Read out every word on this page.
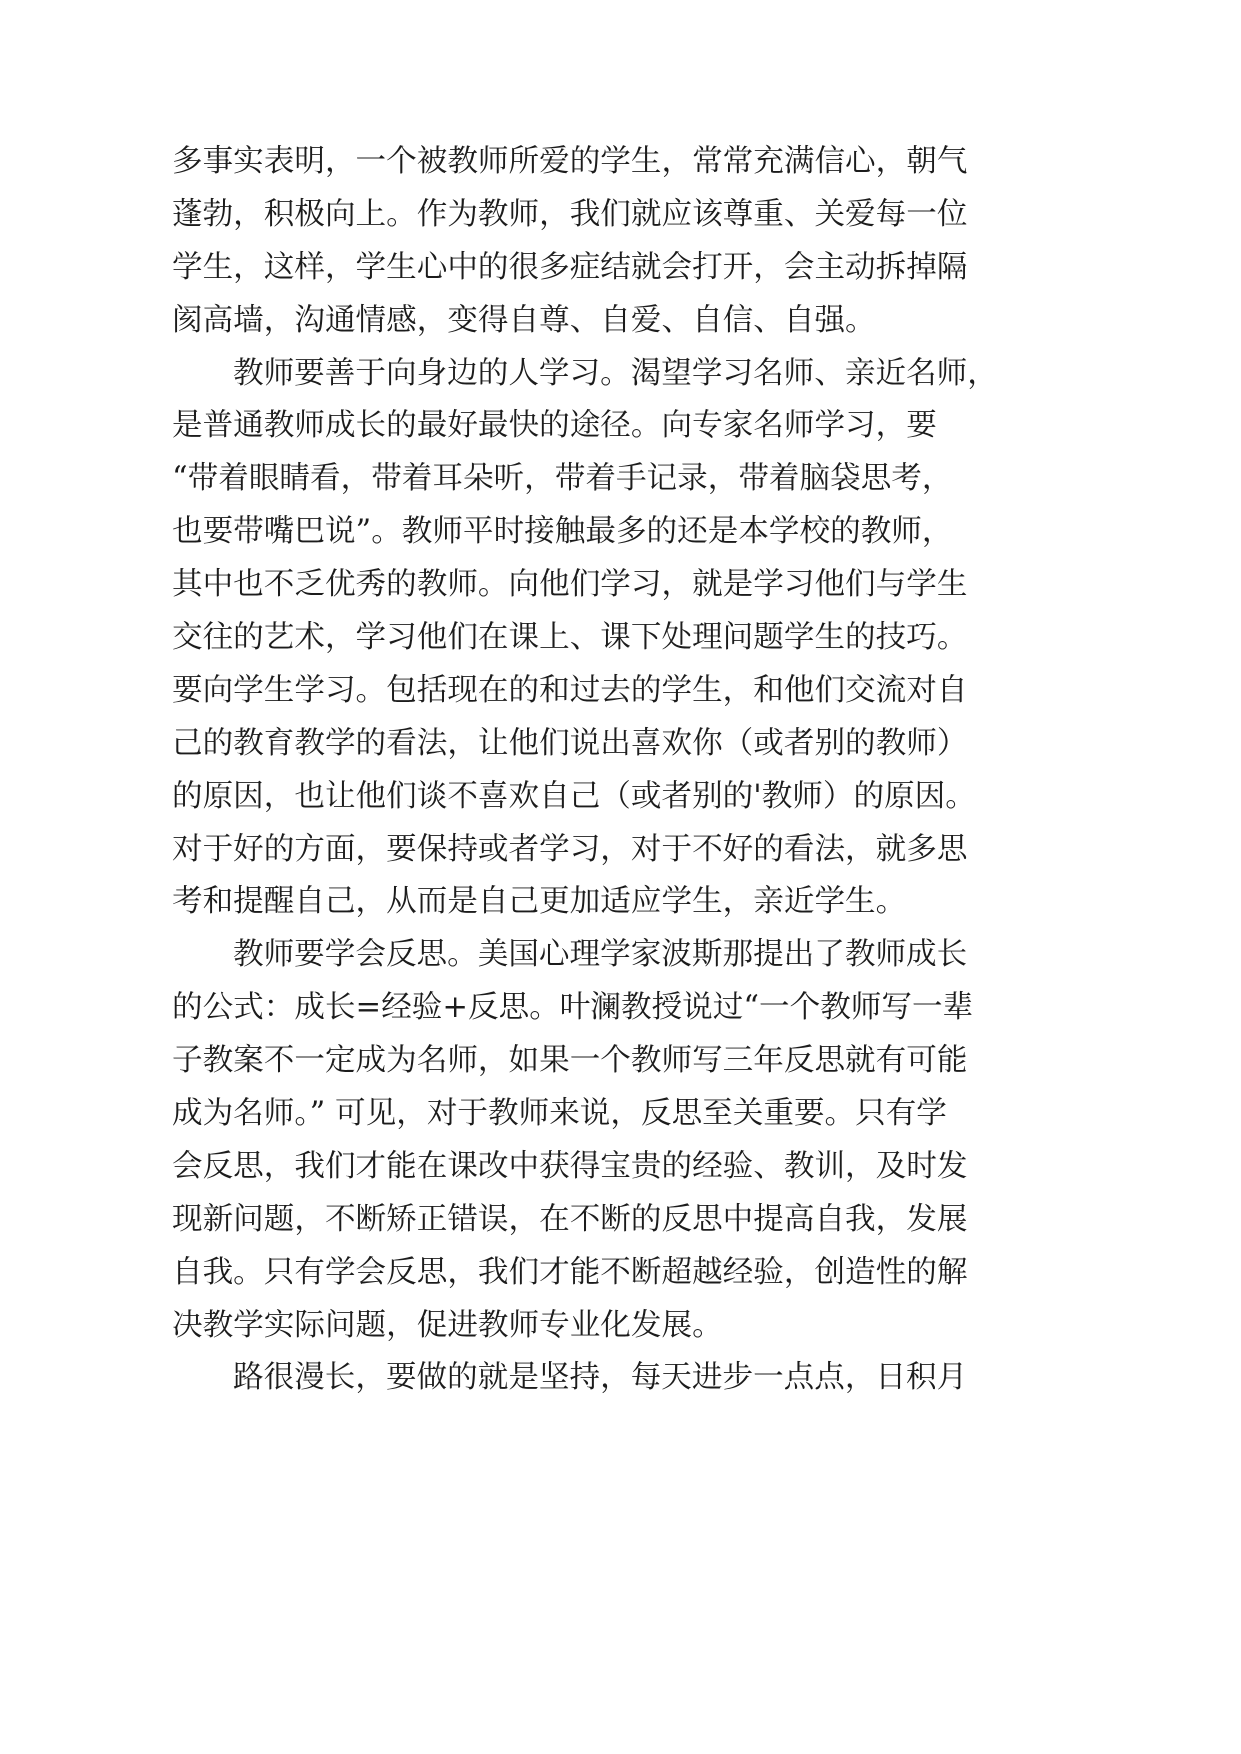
多事实表明，一个被教师所爱的学生，常常充满信心，朝气
蓬勃，积极向上。作为教师，我们就应该尊重、关爱每一位
学生，这样，学生心中的很多症结就会打开，会主动拆掉隔
阂高墙，沟通情感，变得自尊、自爱、自信、自强。
教师要善于向身边的人学习。渴望学习名师、亲近名师，
是普通教师成长的最好最快的途径。向专家名师学习，要
“带着眼睛看，带着耳朵听，带着手记录，带着脑袋思考，
也要带嘴巴说”。教师平时接触最多的还是本学校的教师，
其中也不乏优秀的教师。向他们学习，就是学习他们与学生
交往的艺术，学习他们在课上、课下处理问题学生的技巧。
要向学生学习。包括现在的和过去的学生，和他们交流对自
己的教育教学的看法，让他们说出喜欢你（或者别的教师）
的原因，也让他们谈不喜欢自己（或者别的'教师）的原因。
对于好的方面，要保持或者学习，对于不好的看法，就多思
考和提醒自己，从而是自己更加适应学生，亲近学生。
教师要学会反思。美国心理学家波斯那提出了教师成长
的公式：成长=经验+反思。叶澜教授说过“一个教师写一辈
子教案不一定成为名师，如果一个教师写三年反思就有可能
成为名师。” 可见，对于教师来说，反思至关重要。只有学
会反思，我们才能在课改中获得宝贵的经验、教训，及时发
现新问题，不断矫正错误，在不断的反思中提高自我，发展
自我。只有学会反思，我们才能不断超越经验，创造性的解
决教学实际问题，促进教师专业化发展。
路很漫长，要做的就是坚持，每天进步一点点，日积月
